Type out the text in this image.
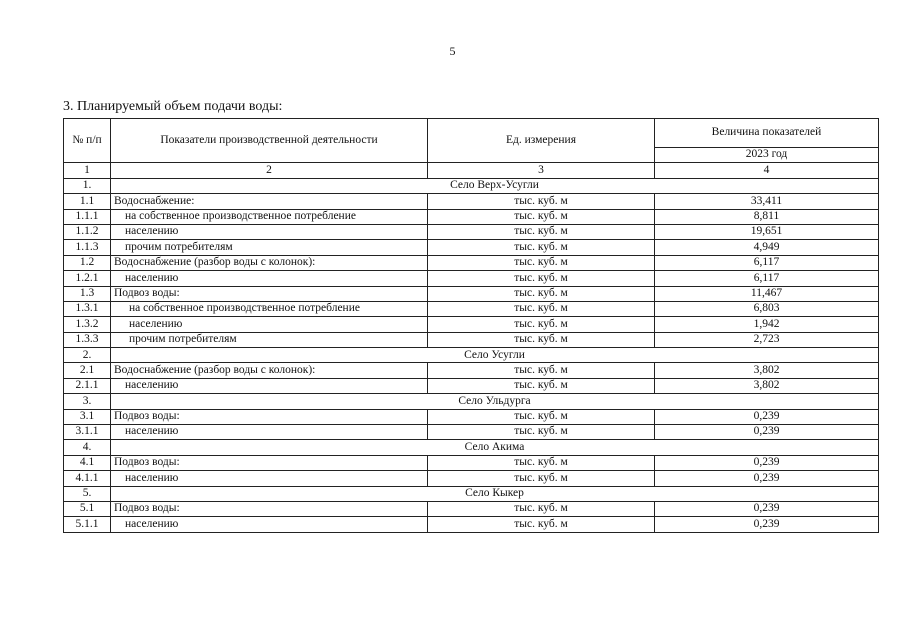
5
3. Планируемый объем подачи воды:
№ п/п	Показатели производственной деятельности	Ед. измерения	Величина показателей
			2023 год
1	2	3	4
1.	Село Верх-Усугли		
1.1	Водоснабжение:	тыс. куб. м	33,411
1.1.1	на собственное производственное потребление	тыс. куб. м	8,811
1.1.2	населению	тыс. куб. м	19,651
1.1.3	прочим потребителям	тыс. куб. м	4,949
1.2	Водоснабжение (разбор воды с колонок):	тыс. куб. м	6,117
1.2.1	населению	тыс. куб. м	6,117
1.3	Подвоз воды:	тыс. куб. м	11,467
1.3.1	на собственное производственное потребление	тыс. куб. м	6,803
1.3.2	населению	тыс. куб. м	1,942
1.3.3	прочим потребителям	тыс. куб. м	2,723
2.	Село Усугли		
2.1	Водоснабжение (разбор воды с колонок):	тыс. куб. м	3,802
2.1.1	населению	тыс. куб. м	3,802
3.	Село Ульдурга		
3.1	Подвоз воды:	тыс. куб. м	0,239
3.1.1	населению	тыс. куб. м	0,239
4.	Село Акима		
4.1	Подвоз воды:	тыс. куб. м	0,239
4.1.1	населению	тыс. куб. м	0,239
5.	Село Кыкер		
5.1	Подвоз воды:	тыс. куб. м	0,239
5.1.1	населению	тыс. куб. м	0,239
